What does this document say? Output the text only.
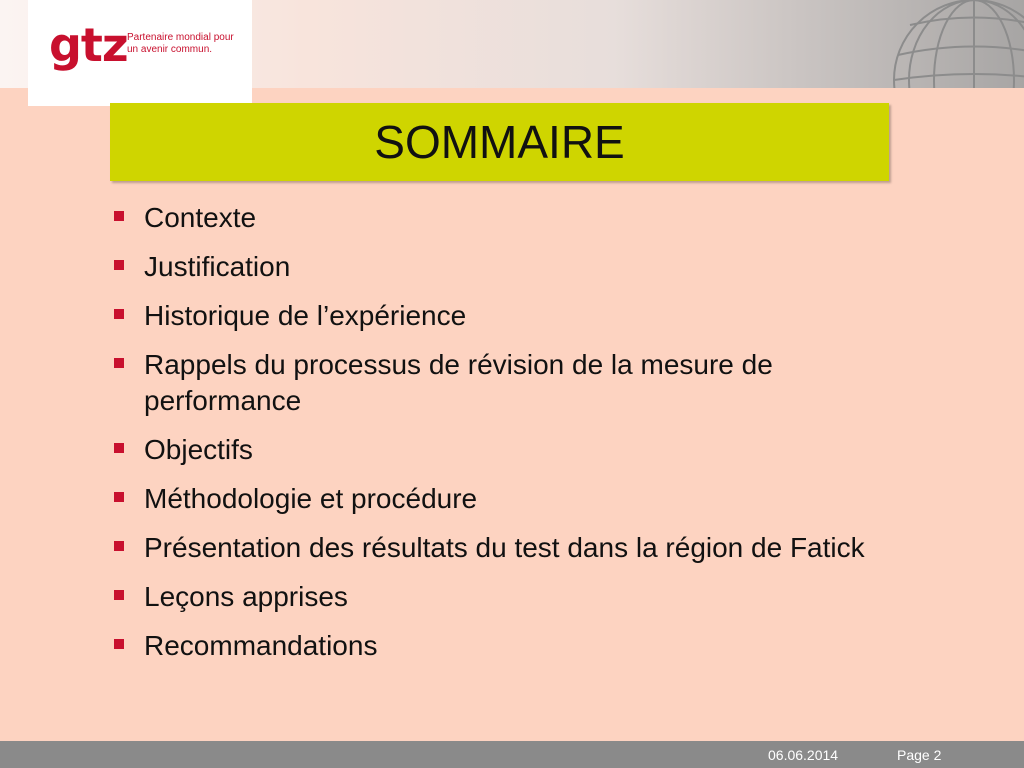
gtz Partenaire mondial pour
un avenir commun.
SOMMAIRE
Contexte
Justification
Historique de l’expérience
Rappels du processus de révision de la mesure de performance
Objectifs
Méthodologie et procédure
Présentation des résultats du test dans la région de Fatick
Leçons apprises
Recommandations
06.06.2014	Page 2
